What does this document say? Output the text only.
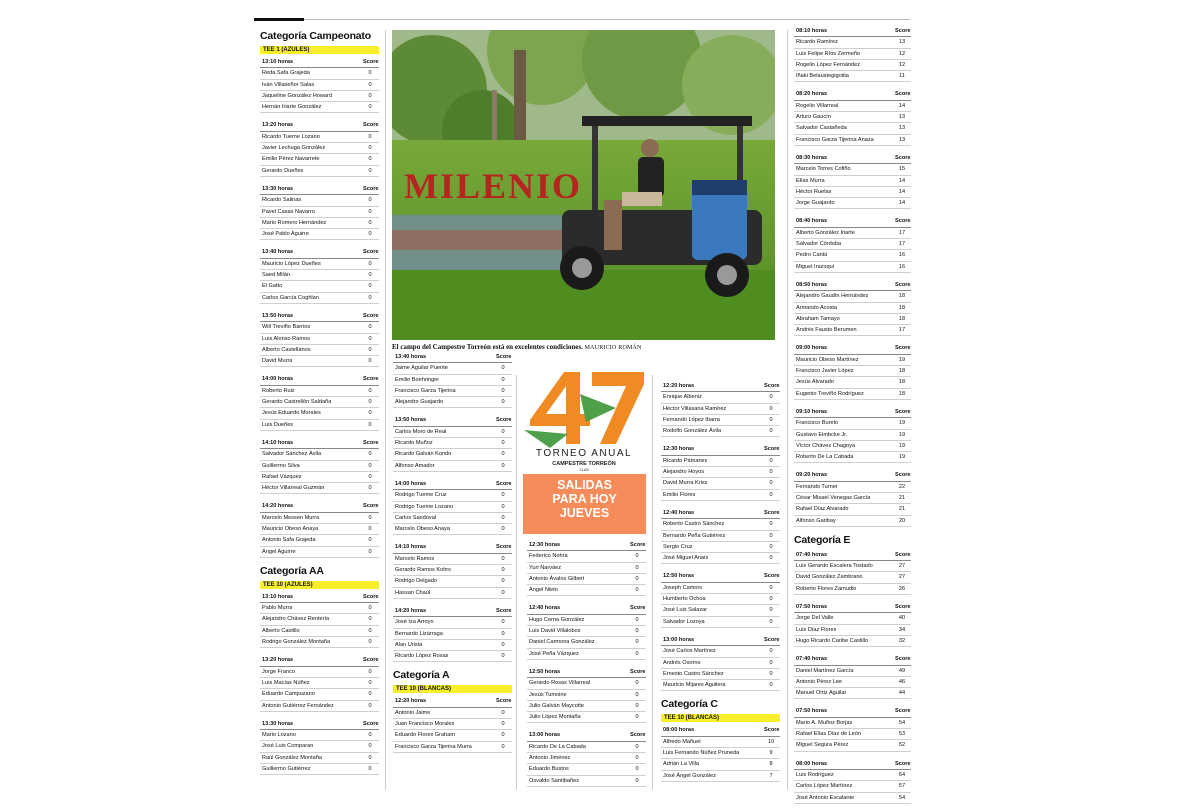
Categoría Campeonato
TEE 1 (AZULES)
13:10 horas	Score
Reda Safa Grajeda	0
Iván Villaseñor Salas	0
Jaqueline González Howard	0
Hernán Iriarte González	0
13:20 horas	Score
Ricardo Tueme Lozano	0
Javier Lechuga González	0
Emilio Pérez Navarrete	0
Gerardo Dueñes	0
13:30 horas	Score
Ricardo Salinas	0
Pavel Casas Navarro	0
Mario Romero Hernández	0
José Pablo Aguirre	0
13:40 horas	Score
Mauricio López Dueñes	0
Saed Milán	0
El Gatto	0
Carlos García Coghlan	0
13:50 horas	Score
Will Treviño Barrios	0
Luis Alonso Ramos	0
Alberto Castellanos	0
David Murra	0
14:00 horas	Score
Roberto Ruiz	0
Gerardo Castrellón Saldaña	0
Jesús Eduardo Morales	0
Luis Dueñes	0
14:10 horas	Score
Salvador Sánchez Ávila	0
Guillermo Silva	0
Rafael Vázquez	0
Héctor Villarreal Guzmán	0
14:20 horas	Score
Marcelo Messen Murra	0
Mauricio Obeso Anaya	0
Antonio Safa Grajeda	0
Ángel Aguirre	0
Categoría AA
TEE 10 (AZULES)
13:10 horas	Score
Pablo Murra	0
Alejandro Chávez Rentería	0
Alberto Castillo	0
Rodrigo González Montaña	0
13:20 horas	Score
Jorge Franco	0
Luis Macías Núñez	0
Eduardo Campuzano	0
Antonio Gutiérrez Fernández	0
13:30 horas	Score
Mario Lozano	0
José Luis Comparan	0
Raúl González Montaña	0
Guillermo Gutiérrez	0
MILENIO
El campo del Campestre Torreón está en excelentes condiciones. MAURICIO ROMÁN
13:40 horas	Score
Jaime Aguilar Puente	0
Emilio Boehringer	0
Francisco Garza Tijerina	0
Alejandro Guajardo	0
13:50 horas	Score
Carlos Moro de Real	0
Ricardo Muñoz	0
Ricardo Galván Kondo	0
Alfonso Amador	0
14:00 horas	Score
Rodrigo Tueme Cruz	0
Rodrigo Tueme Lozano	0
Carlos Sandoval	0
Marcelo Obeso Anaya	0
14:10 horas	Score
Marcelo Ramos	0
Gerardo Ramos Kohrs	0
Rodrigo Delgado	0
Hassan Chaúl	0
14:20 horas	Score
José Iza Arroyo	0
Bernardo Lizárraga	0
Alan Urista	0
Ricardo López Rosas	0
Categoría A
TEE 10 (BLANCAS)
12:20 horas	Score
Antonio Jaime	0
Juan Francisco Morales	0
Eduardo Flores Graham	0
Francisco Garza Tijerina Murra	0
TORNEO ANUAL
CAMPESTRE TORREÓN
CLUB
SALIDAS
PARA HOY
JUEVES
12:30 horas	Score
Federico Nohra	0
Yuri Narváez	0
Antonio Ávalos Gilbert	0
Ángel Nieto	0
12:40 horas	Score
Hugo Cerna González	0
Luis David Villalobos	0
Daniel Carmona González	0
José Peña Vázquez	0
12:50 horas	Score
Gerardo Rosas Villarreal	0
Jesús Tumoine	0
Julio Galván Maycotte	0
Julio López Montaña	0
13:00 horas	Score
Ricardo De La Cabada	0
Antonio Jiménez	0
Eduardo Bustos	0
Osvaldo Santibañez	0
12:20 horas	Score
Enrique Albeniz	0
Héctor Villasana Ramírez	0
Fernando López Ibarra	0
Rodolfo González Ávila	0
12:30 horas	Score
Ricardo Pámanes	0
Alejandro Hoyos	0
David Murra Kriss	0
Emilio Flores	0
12:40 horas	Score
Roberto Castro Sánchez	0
Bernardo Peña Gutiérrez	0
Sergio Cruz	0
José Miguel Anaís	0
12:50 horas	Score
Joseph Camors	0
Humberto Ochoa	0
José Luis Salazar	0
Salvador Lozoya	0
13:00 horas	Score
José Carlos Martínez	0
Andrés Osorno	0
Ernesto Castro Sánchez	0
Mauricio Mijares Aguilera	0
Categoría C
TEE 10 (BLANCAS)
08:00 horas	Score
Alfredo Mañuel	10
Luis Fernando Núñez Pruneda	9
Adrián La Villa	8
José Ángel González	7
08:10 horas	Score
Ricardo Ramírez	13
Luis Felipe Ríos Zermeño	12
Rogelio López Fernández	12
Iñaki Belaustegigoitia	11
08:20 horas	Score
Rogelio Villarreal	14
Arturo Gaucín	13
Salvador Castañeda	13
Francisco Garza Tijerina Anaza	13
08:30 horas	Score
Marcelo Torres Cofiño	15
Elías Murra	14
Héctor Ruelas	14
Jorge Guajardo	14
08:40 horas	Score
Alberto González Iriarte	17
Salvador Córdoba	17
Pedro Cantú	16
Miguel Irazoqui	16
08:50 horas	Score
Alejandro Gaudín Hernández	18
Armando Acosta	18
Abraham Tamayo	18
Andrés Fausto Berumen	17
09:00 horas	Score
Mauricio Obeso Martínez	19
Francisco Javier López	18
Jesús Alvarado	18
Eugenio Treviño Rodríguez	18
09:10 horas	Score
Francisco Burelo	19
Gustavo Eimbcke Jr.	19
Víctor Chávez Chagoya	19
Roberto De La Cabada	19
09:20 horas	Score
Fernando Turner	22
César Misael Venegas García	21
Rafael Díaz Alvarado	21
Alfonso Garibay	20
Categoría E
07:40 horas	Score
Luis Gerardo Escalera Tostado	27
David González Zambrano	27
Roberto Flores Zamudio	26
07:50 horas	Score
Jorge Del Valle	40
Luis Díaz Flores	34
Hugo Ricardo Caribe Castillo	32
07:40 horas	Score
Daniel Martínez García	49
Antonio Pérez Lee	46
Manuel Ortiz Aguilar	44
07:50 horas	Score
Mario A. Muñoz Borjas	54
Rafael Elías Díaz de León	53
Miguel Segura Pérez	52
08:00 horas	Score
Luis Rodríguez	64
Carlos López Martínez	57
José Antonio Escalante	54
